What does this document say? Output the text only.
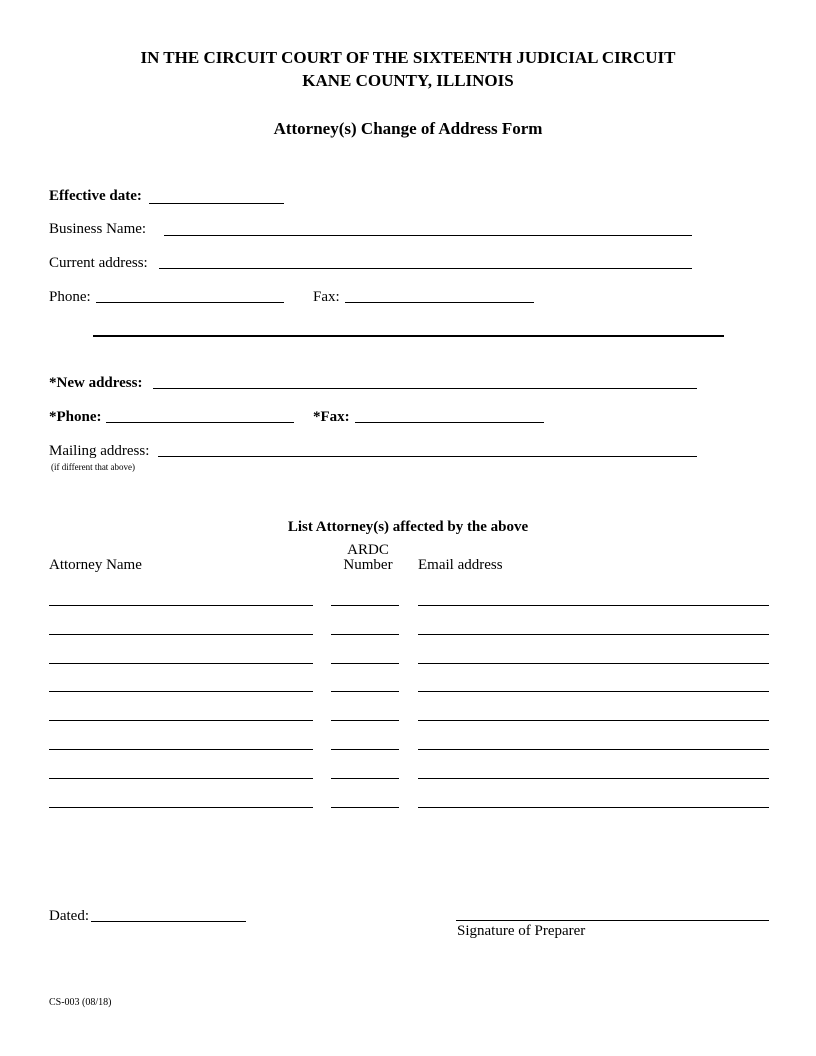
IN THE CIRCUIT COURT OF THE SIXTEENTH JUDICIAL CIRCUIT
KANE COUNTY, ILLINOIS
Attorney(s) Change of Address Form
Effective date:
Business Name:
Current address:
Phone:	Fax:
*New address:
*Phone:	*Fax:
Mailing address:
(if different that above)
List Attorney(s) affected by the above
Attorney Name
ARDC
Number Email address
Dated:
Signature of Preparer
CS-003 (08/18)
